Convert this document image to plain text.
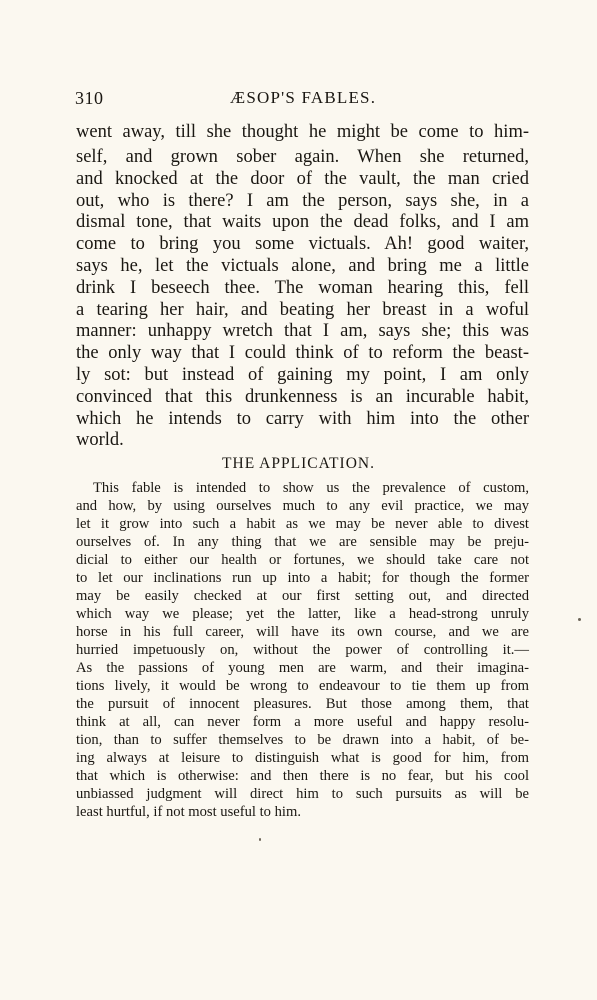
310	ÆSOP'S FABLES.
went away, till she thought he might be come to him-
self, and grown sober again. When she returned,
and knocked at the door of the vault, the man cried
out, who is there? I am the person, says she, in a
dismal tone, that waits upon the dead folks, and I am
come to bring you some victuals. Ah! good waiter,
says he, let the victuals alone, and bring me a little
drink I beseech thee. The woman hearing this, fell
a tearing her hair, and beating her breast in a woful
manner: unhappy wretch that I am, says she; this was
the only way that I could think of to reform the beast-
ly sot: but instead of gaining my point, I am only
convinced that this drunkenness is an incurable habit,
which he intends to carry with him into the other
world.
THE APPLICATION.
This fable is intended to show us the prevalence of custom,
and how, by using ourselves much to any evil practice, we may
let it grow into such a habit as we may be never able to divest
ourselves of. In any thing that we are sensible may be preju-
dicial to either our health or fortunes, we should take care not
to let our inclinations run up into a habit; for though the former
may be easily checked at our first setting out, and directed
which way we please; yet the latter, like a head-strong unruly
horse in his full career, will have its own course, and we are
hurried impetuously on, without the power of controlling it.—
As the passions of young men are warm, and their imagina-
tions lively, it would be wrong to endeavour to tie them up from
the pursuit of innocent pleasures. But those among them, that
think at all, can never form a more useful and happy resolu-
tion, than to suffer themselves to be drawn into a habit, of be-
ing always at leisure to distinguish what is good for him, from
that which is otherwise: and then there is no fear, but his cool
unbiassed judgment will direct him to such pursuits as will be
least hurtful, if not most useful to him.
